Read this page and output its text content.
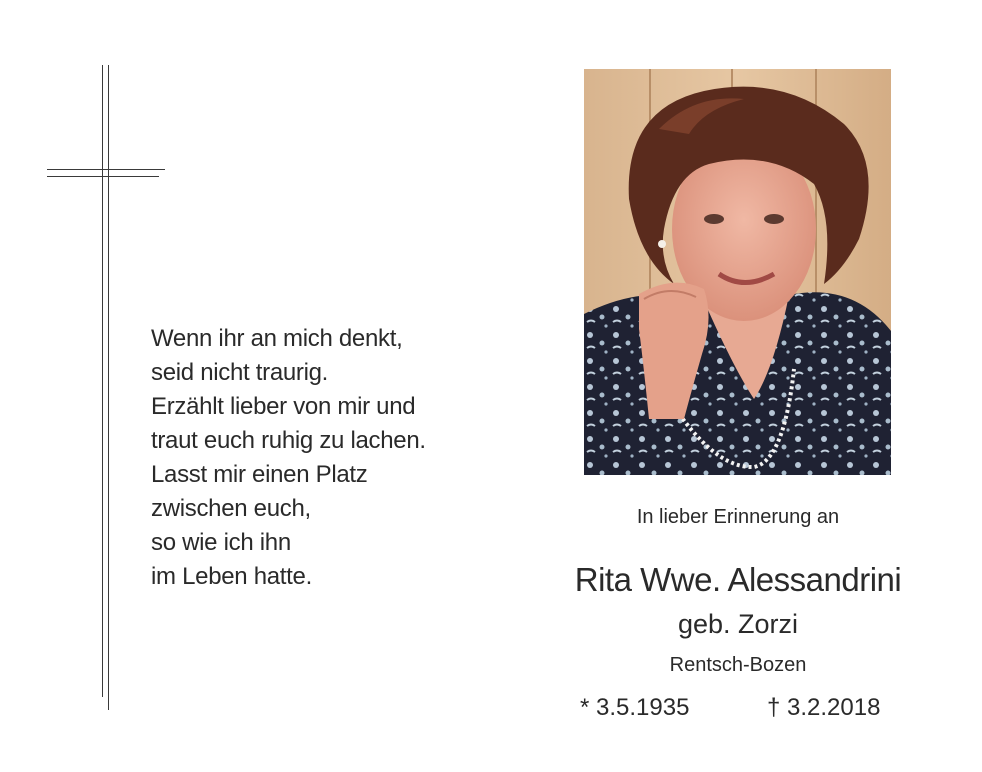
Wenn ihr an mich denkt,
seid nicht traurig.
Erzählt lieber von mir und
traut euch ruhig zu lachen.
Lasst mir einen Platz
zwischen euch,
so wie ich ihn
im Leben hatte.
In lieber Erinnerung an
Rita Wwe. Alessandrini
geb. Zorzi
Rentsch-Bozen
* 3.5.1935	† 3.2.2018
